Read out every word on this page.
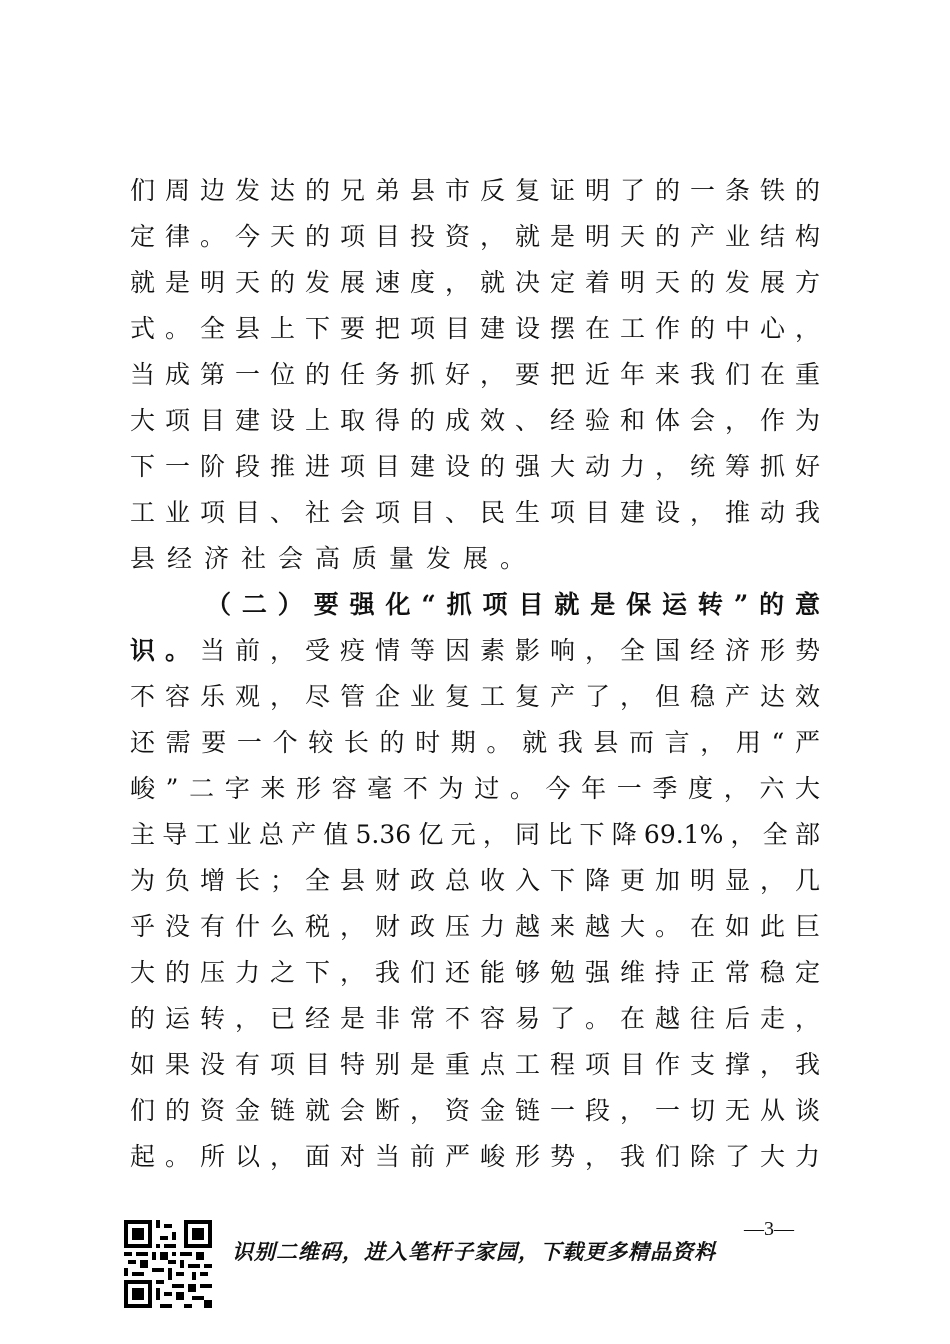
们周边发达的兄弟县市反复证明了的一条铁的
定律。今天的项目投资，就是明天的产业结构
就是明天的发展速度，就决定着明天的发展方
式。全县上下要把项目建设摆在工作的中心，
当成第一位的任务抓好，要把近年来我们在重
大项目建设上取得的成效、经验和体会，作为
下一阶段推进项目建设的强大动力，统筹抓好
工业项目、社会项目、民生项目建设，推动我
县经济社会高质量发展。
（二）要强化“抓项目就是保运转”的意
识。当前，受疫情等因素影响，全国经济形势
不容乐观，尽管企业复工复产了，但稳产达效
还需要一个较长的时期。就我县而言，用“严
峻”二字来形容毫不为过。今年一季度，六大
主导工业总产值5.36亿元，同比下降69.1%，全部
为负增长；全县财政总收入下降更加明显，几
乎没有什么税，财政压力越来越大。在如此巨
大的压力之下，我们还能够勉强维持正常稳定
的运转，已经是非常不容易了。在越往后走，
如果没有项目特别是重点工程项目作支撑，我
们的资金链就会断，资金链一段，一切无从谈
起。所以，面对当前严峻形势，我们除了大力
识别二维码，进入笔杆子家园，下载更多精品资料
—3—
